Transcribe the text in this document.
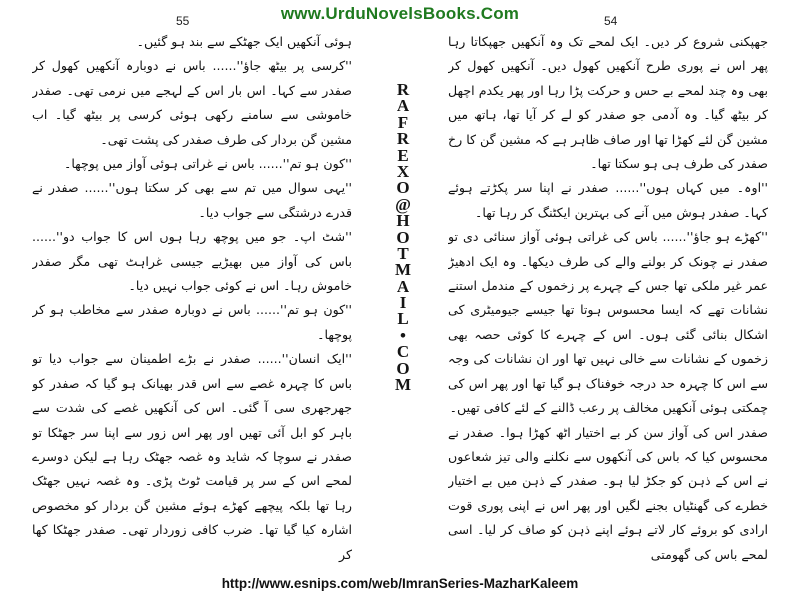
www.UrduNovelsBooks.Com
55	54

ہوئی آنکھیں ایک جھٹکے سے بند ہو گئیں۔

''کرسی پر بیٹھ جاؤ''...... باس نے دوبارہ آنکھیں کھول کر صفدر سے کہا۔ اس بار اس کے لہجے میں نرمی تھی۔ صفدر خاموشی سے سامنے رکھی ہوئی کرسی پر بیٹھ گیا۔ اب مشین گن بردار کی طرف صفدر کی پشت تھی۔

''کون ہو تم''...... باس نے غراتی ہوئی آواز میں پوچھا۔

''یہی سوال میں تم سے بھی کر سکتا ہوں''...... صفدر نے قدرے درشتگی سے جواب دیا۔

''شٹ اپ۔ جو میں پوچھ رہا ہوں اس کا جواب دو''...... باس کی آواز میں بھیڑیے جیسی غراہٹ تھی مگر صفدر خاموش رہا۔ اس نے کوئی جواب نہیں دیا۔

''کون ہو تم''...... باس نے دوبارہ صفدر سے مخاطب ہو کر پوچھا۔

''ایک انسان''...... صفدر نے بڑے اطمینان سے جواب دیا تو باس کا چہرہ غصے سے اس قدر بھیانک ہو گیا کہ صفدر کو جھرجھری سی آ گئی۔ اس کی آنکھیں غصے کی شدت سے باہر کو ابل آئی تھیں اور پھر اس زور سے اپنا سر جھٹکا تو صفدر نے سوچا کہ شاید وہ غصہ جھٹک رہا ہے لیکن دوسرے لمحے اس کے سر پر قیامت ٹوٹ پڑی۔ وہ غصہ نہیں جھٹک رہا تھا بلکہ پیچھے کھڑے ہوئے مشین گن بردار کو مخصوص اشارہ کیا گیا تھا۔ ضرب کافی زوردار تھی۔ صفدر جھٹکا کھا کر

R
A
F
R
E
X
O
@
H
O
T
M
A
I
L
•
C
O
M

جھپکنی شروع کر دیں۔ ایک لمحے تک وہ آنکھیں جھپکاتا رہا پھر اس نے پوری طرح آنکھیں کھول دیں۔ آنکھیں کھول کر بھی وہ چند لمحے بے حس و حرکت پڑا رہا اور پھر یکدم اچھل کر بیٹھ گیا۔ وہ آدمی جو صفدر کو لے کر آیا تھا، ہاتھ میں مشین گن لئے کھڑا تھا اور صاف ظاہر ہے کہ مشین گن کا رخ صفدر کی طرف ہی ہو سکتا تھا۔

''اوہ۔ میں کہاں ہوں''...... صفدر نے اپنا سر پکڑتے ہوئے کہا۔ صفدر ہوش میں آنے کی بہترین ایکٹنگ کر رہا تھا۔

''کھڑے ہو جاؤ''...... باس کی غراتی ہوئی آواز سنائی دی تو صفدر نے چونک کر بولنے والے کی طرف دیکھا۔ وہ ایک ادھیڑ عمر غیر ملکی تھا جس کے چہرے پر زخموں کے مندمل استنے نشانات تھے کہ ایسا محسوس ہوتا تھا جیسے جیومیٹری کی اشکال بنائی گئی ہوں۔ اس کے چہرے کا کوئی حصہ بھی زخموں کے نشانات سے خالی نہیں تھا اور ان نشانات کی وجہ سے اس کا چہرہ حد درجہ خوفناک ہو گیا تھا اور پھر اس کی چمکتی ہوئی آنکھیں مخالف پر رعب ڈالنے کے لئے کافی تھیں۔

صفدر اس کی آواز سن کر بے اختیار اٹھ کھڑا ہوا۔ صفدر نے محسوس کیا کہ باس کی آنکھوں سے نکلنے والی تیز شعاعوں نے اس کے ذہن کو جکڑ لیا ہو۔ صفدر کے ذہن میں بے اختیار خطرے کی گھنٹیاں بجنے لگیں اور پھر اس نے اپنی پوری قوت ارادی کو بروئے کار لاتے ہوئے اپنے ذہن کو صاف کر لیا۔ اسی لمحے باس کی گھومتی

http://www.esnips.com/web/ImranSeries-MazharKaleem
